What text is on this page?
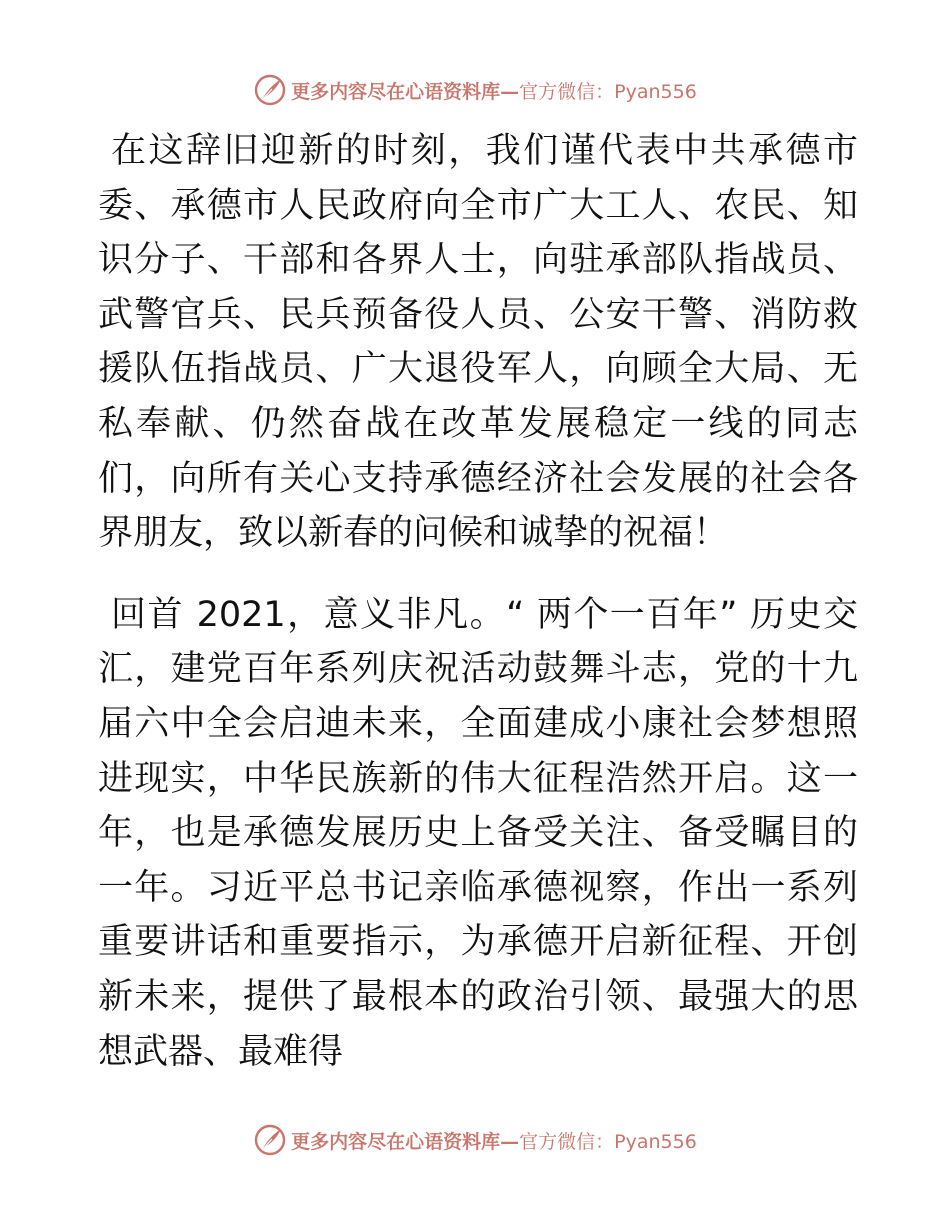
更多内容尽在心语资料库— 官方微信：Pyan556

在这辞旧迎新的时刻，我们谨代表中共承德市委、承德市人民政府向全市广大工人、农民、知识分子、干部和各界人士，向驻承部队指战员、武警官兵、民兵预备役人员、公安干警、消防救援队伍指战员、广大退役军人，向顾全大局、无私奉献、仍然奋战在改革发展稳定一线的同志们，向所有关心支持承德经济社会发展的社会各界朋友，致以新春的问候和诚挚的祝福！

回首 2021，意义非凡。“ 两个一百年” 历史交汇，建党百年系列庆祝活动鼓舞斗志，党的十九届六中全会启迪未来，全面建成小康社会梦想照进现实，中华民族新的伟大征程浩然开启。这一年，也是承德发展历史上备受关注、备受瞩目的一年。习近平总书记亲临承德视察，作出一系列重要讲话和重要指示，为承德开启新征程、开创新未来，提供了最根本的政治引领、最强大的思想武器、最难得

更多内容尽在心语资料库— 官方微信：Pyan556
